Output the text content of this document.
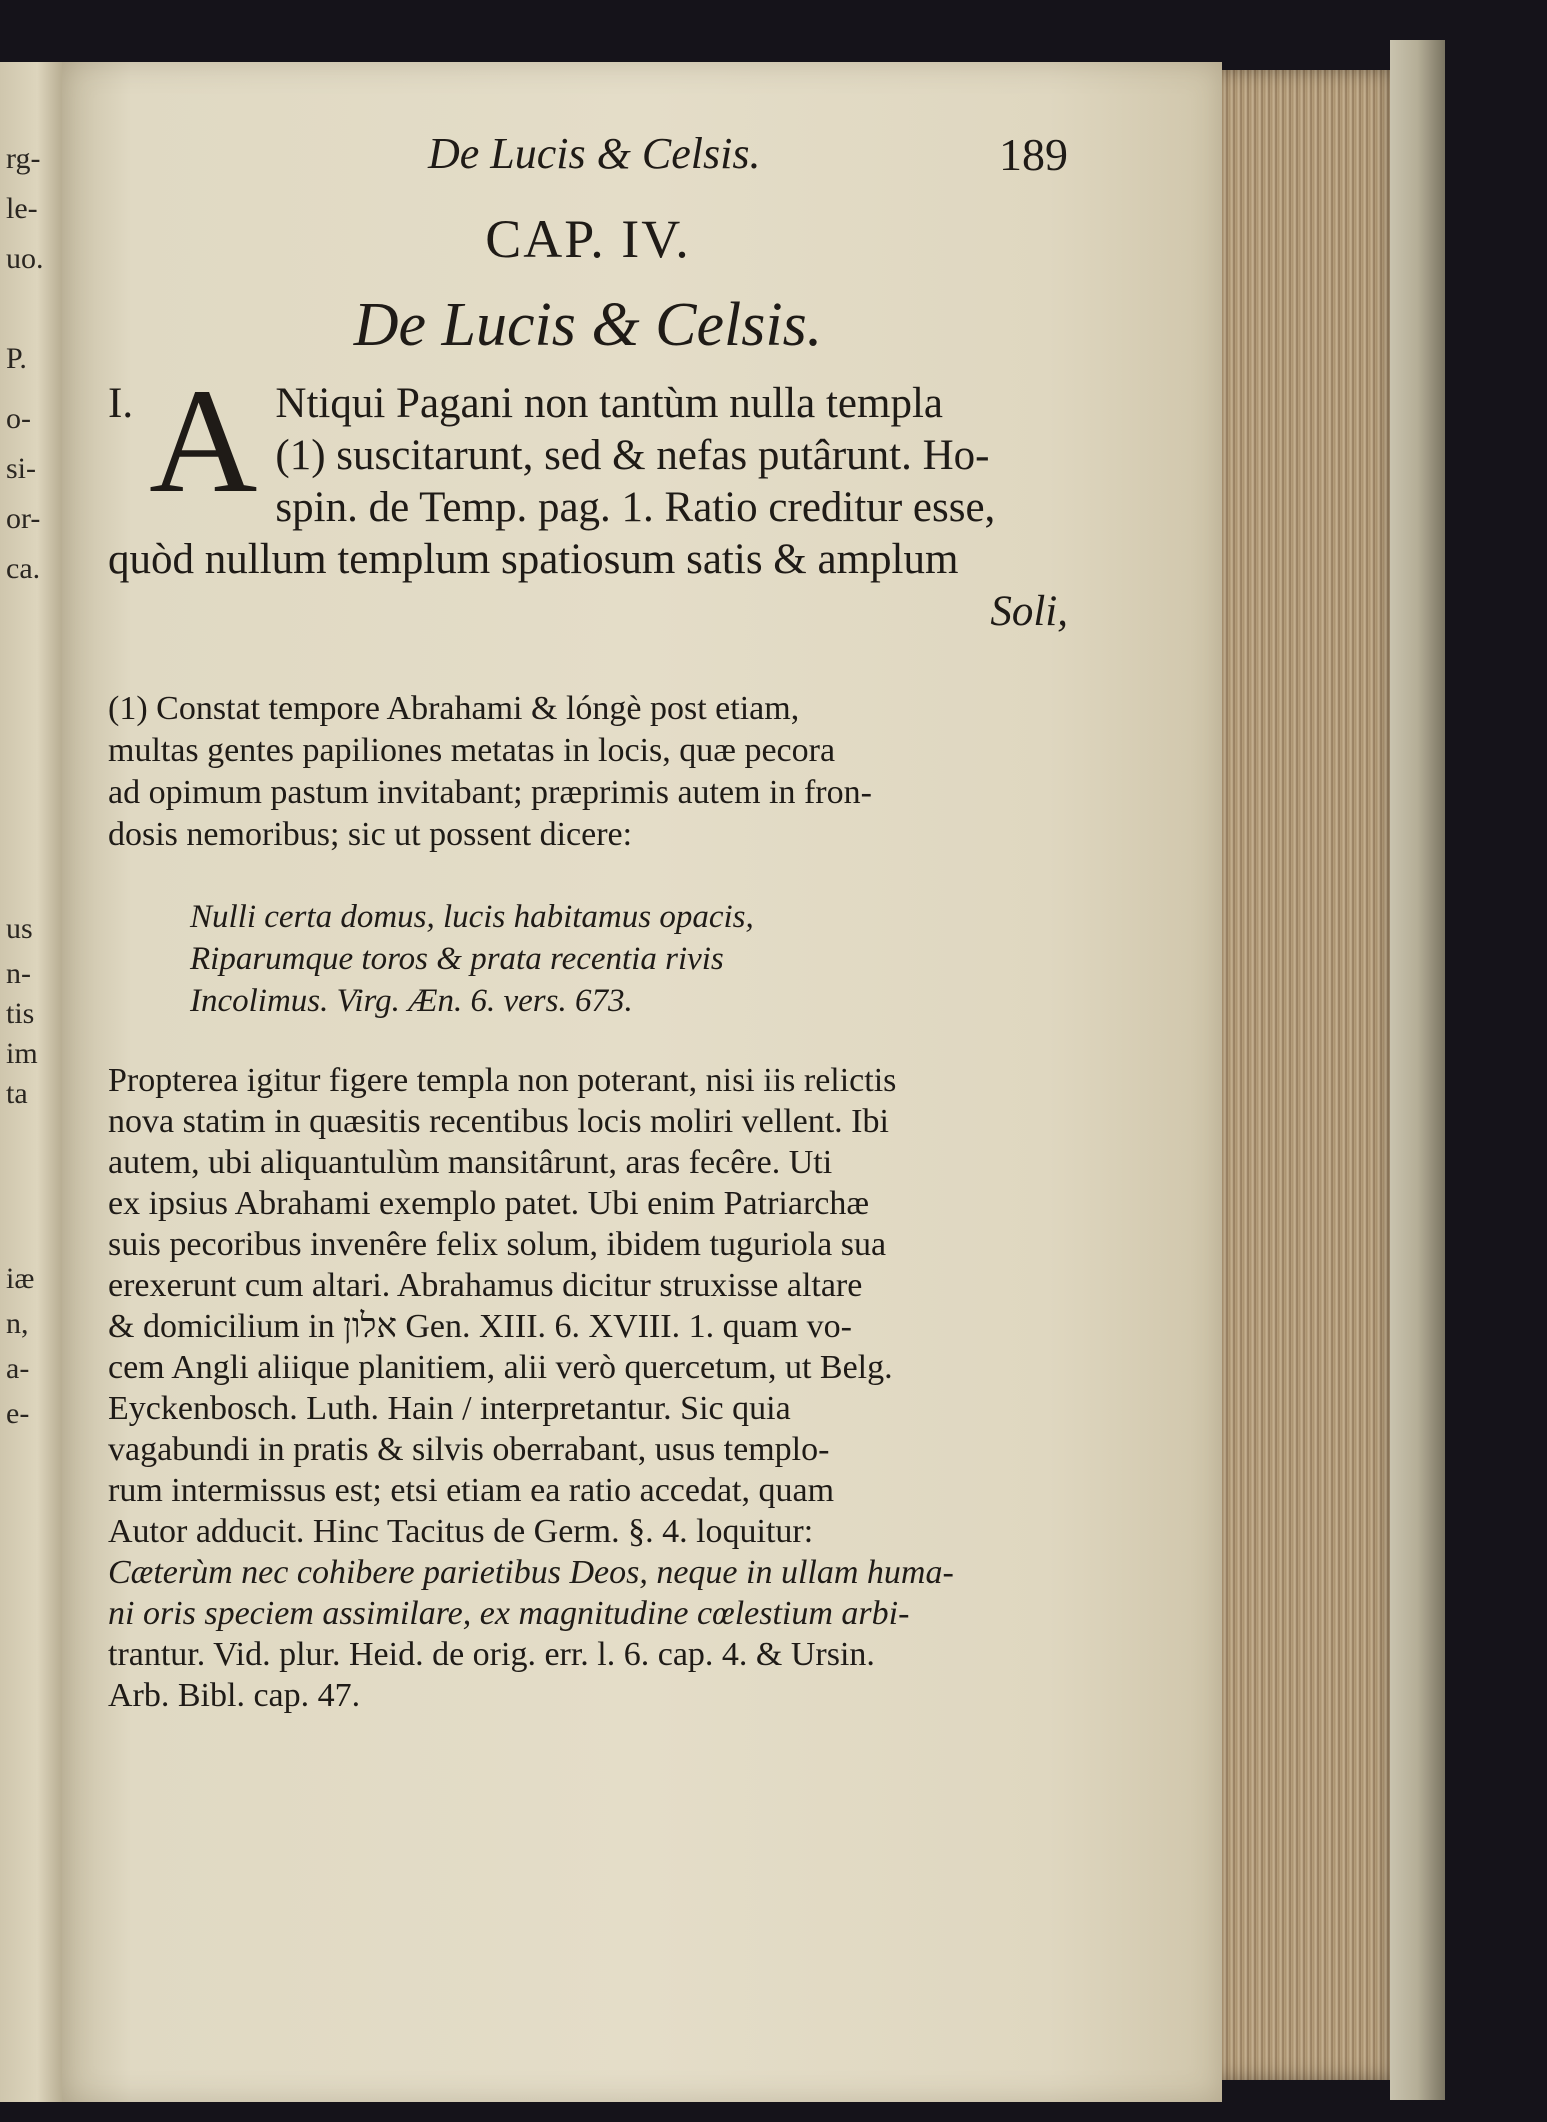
rg-
le-
uo.
P.
o-
si-
or-
ca.
us
n-
tis
im
ta
iæ
n,
a-
e-
De Lucis & Celsis.	189
CAP. IV.
De Lucis & Celsis.
I. A Ntiqui Pagani non tantùm nulla templa
(1) suscitarunt, sed & nefas putârunt. Ho-
spin. de Temp. pag. 1. Ratio creditur esse,
quòd nullum templum spatiosum satis & amplum
Soli,
(1) Constat tempore Abrahami & lóngè post etiam,
multas gentes papiliones metatas in locis, quæ pecora
ad opimum pastum invitabant; præprimis autem in fron-
dosis nemoribus; sic ut possent dicere:
Nulli certa domus, lucis habitamus opacis,
Riparumque toros & prata recentia rivis
Incolimus. Virg. Æn. 6. vers. 673.
Propterea igitur figere templa non poterant, nisi iis relictis
nova statim in quæsitis recentibus locis moliri vellent. Ibi
autem, ubi aliquantulùm mansitârunt, aras fecêre. Uti
ex ipsius Abrahami exemplo patet. Ubi enim Patriarchæ
suis pecoribus invenêre felix solum, ibidem tuguriola sua
erexerunt cum altari. Abrahamus dicitur struxisse altare
& domicilium in אלון Gen. XIII. 6. XVIII. 1. quam vo-
cem Angli aliique planitiem, alii verò quercetum, ut Belg.
Eyckenbosch. Luth. Hain / interpretantur. Sic quia
vagabundi in pratis & silvis oberrabant, usus templo-
rum intermissus est; etsi etiam ea ratio accedat, quam
Autor adducit. Hinc Tacitus de Germ. §. 4. loquitur:
Cæterùm nec cohibere parietibus Deos, neque in ullam huma-
ni oris speciem assimilare, ex magnitudine cœlestium arbi-
trantur. Vid. plur. Heid. de orig. err. l. 6. cap. 4. & Ursin.
Arb. Bibl. cap. 47.
